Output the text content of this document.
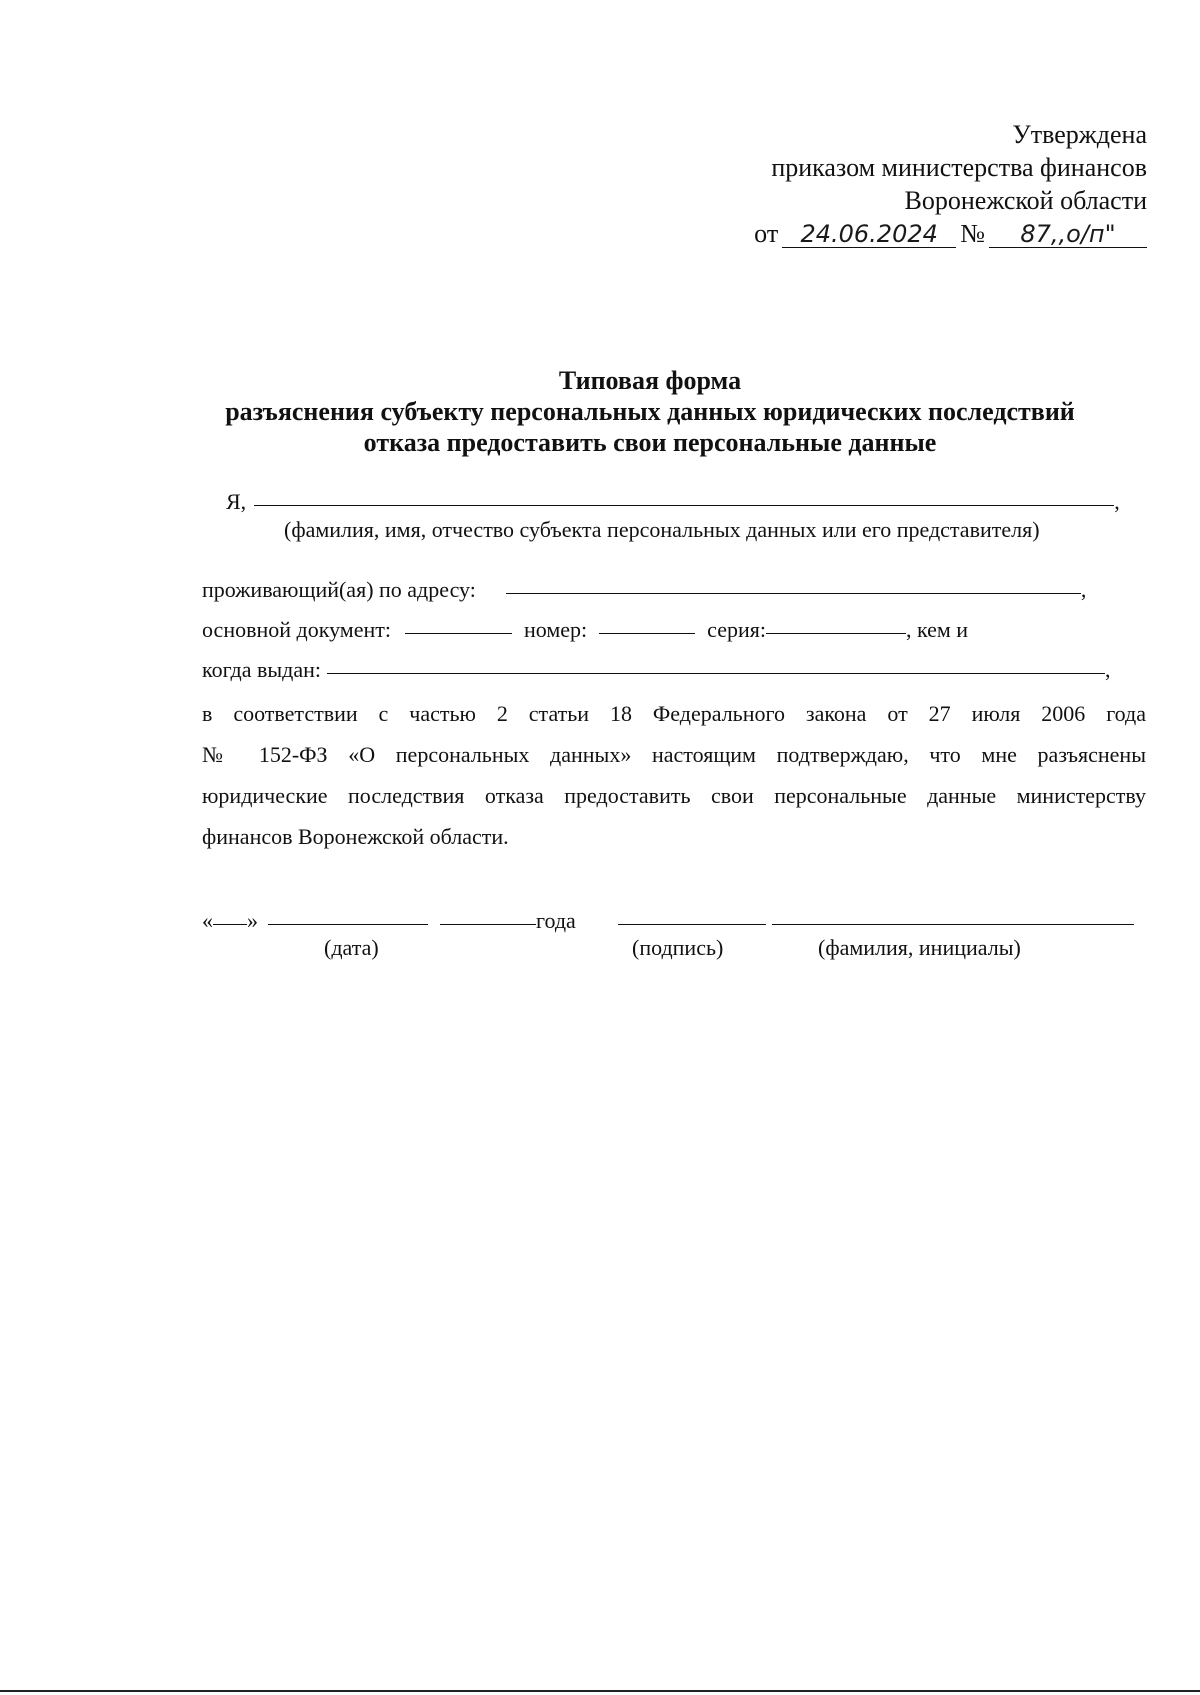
Утверждена
приказом министерства финансов
Воронежской области
от 24.06.2024 №	87,,о/п"
Типовая форма
разъяснения субъекту персональных данных юридических последствий
отказа предоставить свои персональные данные
Я,	,
(фамилия, имя, отчество субъекта персональных данных или его представителя)
проживающий(ая) по адресу:	,
основной документ:	номер:	серия:	, кем и
когда выдан:	,
в соответствии с частью 2 статьи 18 Федерального закона от 27 июля 2006 года
№ 152-ФЗ «О персональных данных» настоящим подтверждаю, что мне разъяснены
юридические последствия отказа предоставить свои персональные данные министерству
финансов Воронежской области.
« »	года
(дата)	(подпись)	(фамилия, инициалы)
